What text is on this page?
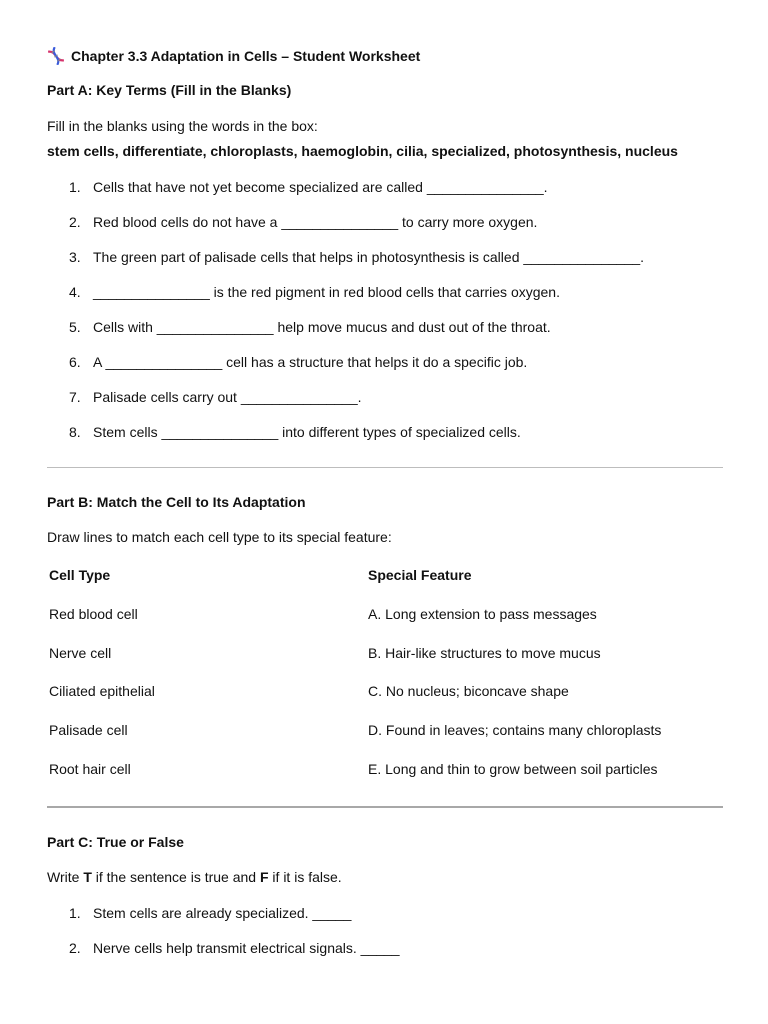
Chapter 3.3 Adaptation in Cells – Student Worksheet
Part A: Key Terms (Fill in the Blanks)
Fill in the blanks using the words in the box:
stem cells, differentiate, chloroplasts, haemoglobin, cilia, specialized, photosynthesis, nucleus
1. Cells that have not yet become specialized are called _______________.
2. Red blood cells do not have a _______________ to carry more oxygen.
3. The green part of palisade cells that helps in photosynthesis is called _______________.
4. _______________ is the red pigment in red blood cells that carries oxygen.
5. Cells with _______________ help move mucus and dust out of the throat.
6. A _______________ cell has a structure that helps it do a specific job.
7. Palisade cells carry out _______________.
8. Stem cells _______________ into different types of specialized cells.
Part B: Match the Cell to Its Adaptation
Draw lines to match each cell type to its special feature:
Cell Type	Special Feature
Red blood cell	A. Long extension to pass messages
Nerve cell	B. Hair-like structures to move mucus
Ciliated epithelial	C. No nucleus; biconcave shape
Palisade cell	D. Found in leaves; contains many chloroplasts
Root hair cell	E. Long and thin to grow between soil particles
Part C: True or False
Write T if the sentence is true and F if it is false.
1. Stem cells are already specialized. _____
2. Nerve cells help transmit electrical signals. _____
